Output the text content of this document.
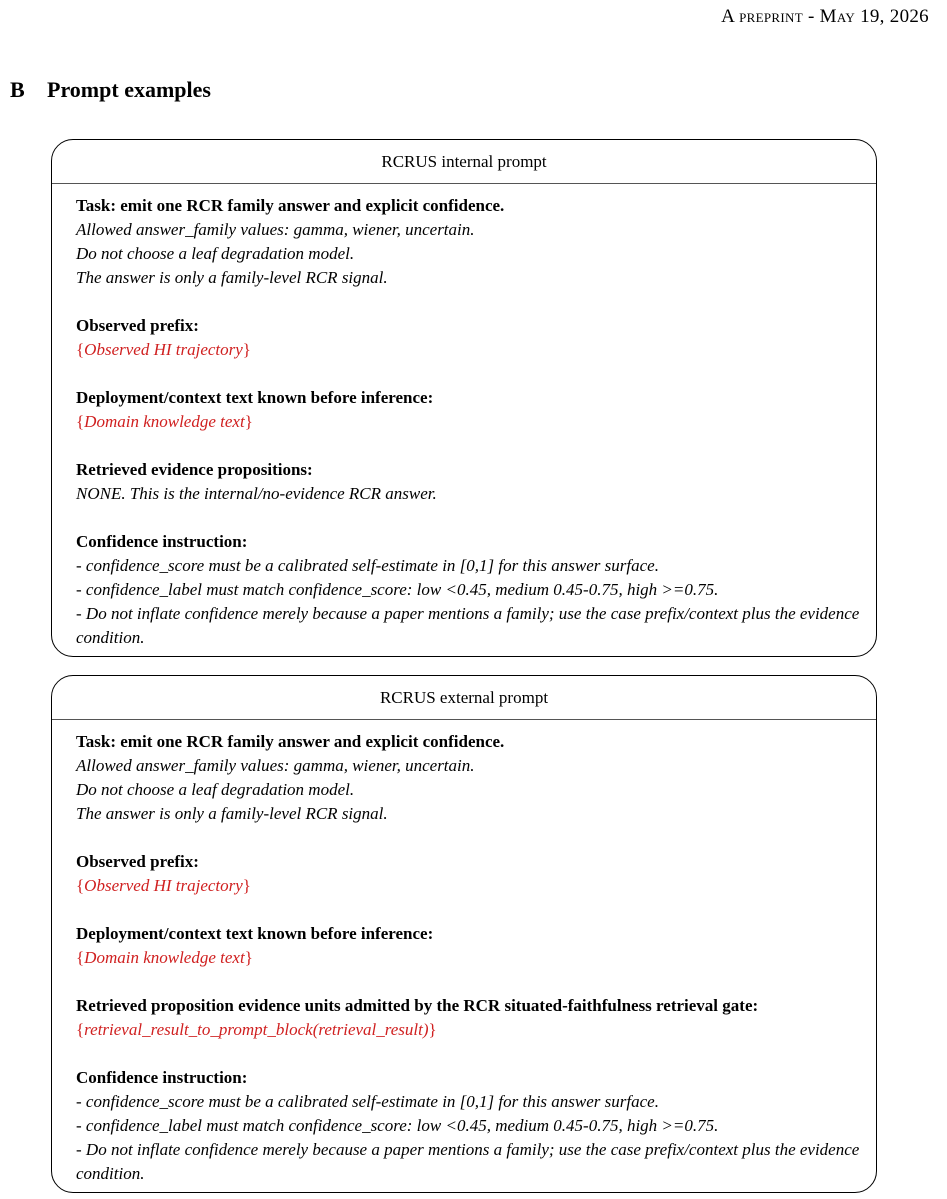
A preprint - May 19, 2026
B Prompt examples
RCRUS internal prompt

Task: emit one RCR family answer and explicit confidence.

Allowed answer_family values: gamma, wiener, uncertain.

Do not choose a leaf degradation model.

The answer is only a family-level RCR signal.

Observed prefix:

{Observed HI trajectory}

Deployment/context text known before inference:

{Domain knowledge text}

Retrieved evidence propositions:

NONE. This is the internal/no-evidence RCR answer.

Confidence instruction:

- confidence_score must be a calibrated self-estimate in [0,1] for this answer surface.

- confidence_label must match confidence_score: low <0.45, medium 0.45-0.75, high >=0.75.

- Do not inflate confidence merely because a paper mentions a family; use the case prefix/context plus the evidence condition.

RCRUS external prompt

Task: emit one RCR family answer and explicit confidence.

Allowed answer_family values: gamma, wiener, uncertain.

Do not choose a leaf degradation model.

The answer is only a family-level RCR signal.

Observed prefix:

{Observed HI trajectory}

Deployment/context text known before inference:

{Domain knowledge text}

Retrieved proposition evidence units admitted by the RCR situated-faithfulness retrieval gate:

{retrieval_result_to_prompt_block(retrieval_result)}

Confidence instruction:

- confidence_score must be a calibrated self-estimate in [0,1] for this answer surface.

- confidence_label must match confidence_score: low <0.45, medium 0.45-0.75, high >=0.75.

- Do not inflate confidence merely because a paper mentions a family; use the case prefix/context plus the evidence condition.
